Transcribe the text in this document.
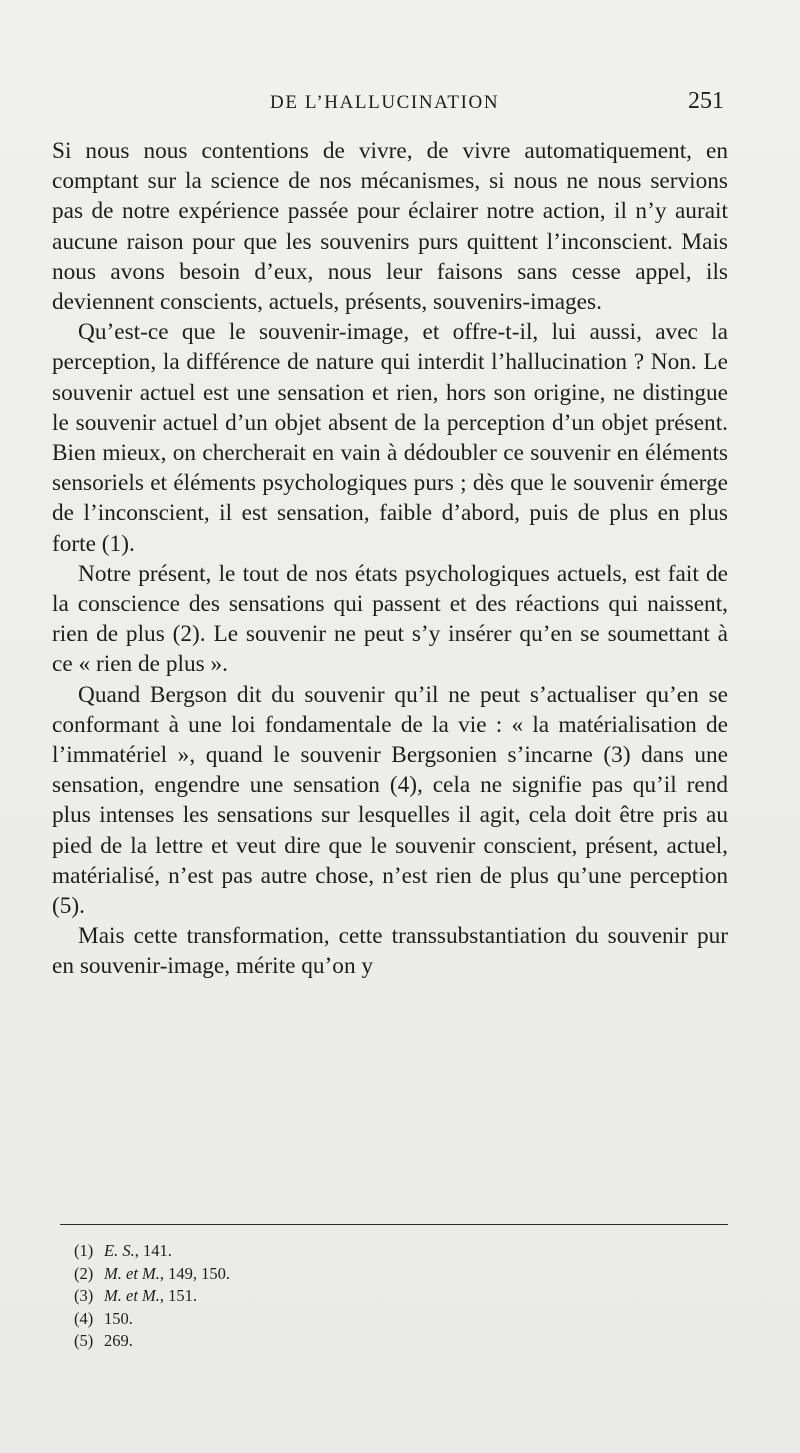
DE L’HALLUCINATION	251

Si nous nous contentions de vivre, de vivre automatiquement, en comptant sur la science de nos mécanismes, si nous ne nous servions pas de notre expérience passée pour éclairer notre action, il n’y aurait aucune raison pour que les souvenirs purs quittent l’inconscient. Mais nous avons besoin d’eux, nous leur faisons sans cesse appel, ils deviennent conscients, actuels, présents, souvenirs-images.

Qu’est-ce que le souvenir-image, et offre-t-il, lui aussi, avec la perception, la différence de nature qui interdit l’hallucination ? Non. Le souvenir actuel est une sensation et rien, hors son origine, ne distingue le souvenir actuel d’un objet absent de la perception d’un objet présent. Bien mieux, on chercherait en vain à dédoubler ce souvenir en éléments sensoriels et éléments psychologiques purs ; dès que le souvenir émerge de l’inconscient, il est sensation, faible d’abord, puis de plus en plus forte (1).

Notre présent, le tout de nos états psychologiques actuels, est fait de la conscience des sensations qui passent et des réactions qui naissent, rien de plus (2). Le souvenir ne peut s’y insérer qu’en se soumettant à ce « rien de plus ».

Quand Bergson dit du souvenir qu’il ne peut s’actualiser qu’en se conformant à une loi fondamentale de la vie : « la matérialisation de l’immatériel », quand le souvenir Bergsonien s’incarne (3) dans une sensation, engendre une sensation (4), cela ne signifie pas qu’il rend plus intenses les sensations sur lesquelles il agit, cela doit être pris au pied de la lettre et veut dire que le souvenir conscient, présent, actuel, matérialisé, n’est pas autre chose, n’est rien de plus qu’une perception (5).

Mais cette transformation, cette transsubstantiation du souvenir pur en souvenir-image, mérite qu’on y

(1) E. S., 141.
(2) M. et M., 149, 150.
(3) M. et M., 151.
(4) 150.
(5) 269.
